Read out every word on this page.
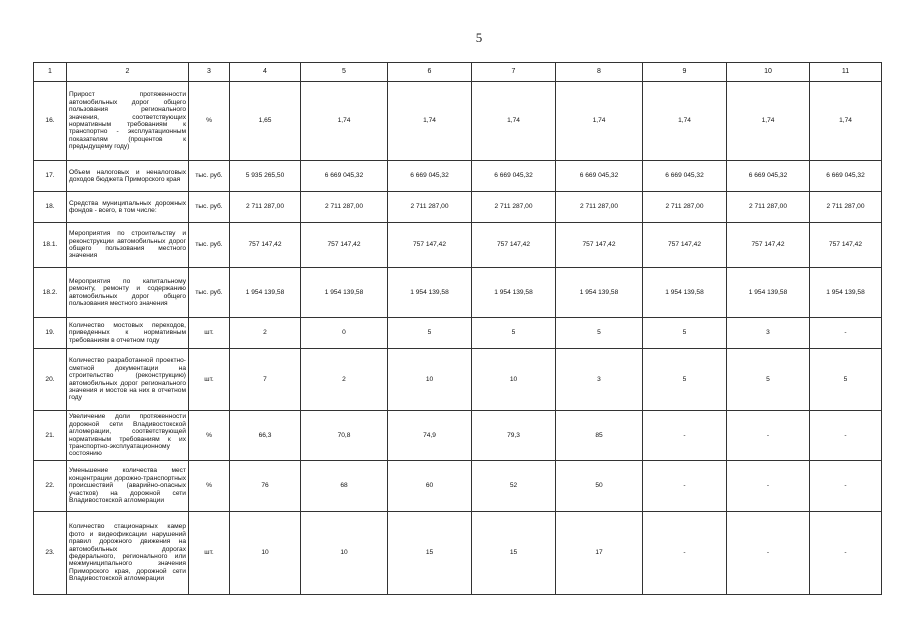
5
1	2	3	4	5	6	7	8	9	10	11
16.	Прирост протяженности автомобильных дорог общего пользования регионального значения, соответствующих нормативным требованиям к транспортно - эксплуатационным показателям (процентов к предыдущему году)	%	1,65	1,74	1,74	1,74	1,74	1,74	1,74	1,74
17.	Объем налоговых и неналоговых доходов бюджета Приморского края	тыс. руб.	5 935 265,50	6 669 045,32	6 669 045,32	6 669 045,32	6 669 045,32	6 669 045,32	6 669 045,32	6 669 045,32
18.	Средства муниципальных дорожных фондов - всего, в том числе:	тыс. руб.	2 711 287,00	2 711 287,00	2 711 287,00	2 711 287,00	2 711 287,00	2 711 287,00	2 711 287,00	2 711 287,00
18.1.	Мероприятия по строительству и реконструкции автомобильных дорог общего пользования местного значения	тыс. руб.	757 147,42	757 147,42	757 147,42	757 147,42	757 147,42	757 147,42	757 147,42	757 147,42
18.2.	Мероприятия по капитальному ремонту, ремонту и содержанию автомобильных дорог общего пользования местного значения	тыс. руб.	1 954 139,58	1 954 139,58	1 954 139,58	1 954 139,58	1 954 139,58	1 954 139,58	1 954 139,58	1 954 139,58
19.	Количество мостовых переходов, приведенных к нормативным требованиям в отчетном году	шт.	2	0	5	5	5	5	3	-
20.	Количество разработанной проектно-сметной документации на строительство (реконструкцию) автомобильных дорог регионального значения и мостов на них в отчетном году	шт.	7	2	10	10	3	5	5	5
21.	Увеличение доли протяженности дорожной сети Владивостокской агломерации, соответствующей нормативным требованиям к их транспортно-эксплуатационному состоянию	%	66,3	70,8	74,9	79,3	85	-	-	-
22.	Уменьшение количества мест концентрации дорожно-транспортных происшествий (аварийно-опасных участков) на дорожной сети Владивостокской агломерации	%	76	68	60	52	50	-	-	-
23.	Количество стационарных камер фото и видеофиксации нарушений правил дорожного движения на автомобильных дорогах федерального, регионального или межмуниципального значения Приморского края, дорожной сети Владивостокской агломерации	шт.	10	10	15	15	17	-	-	-
